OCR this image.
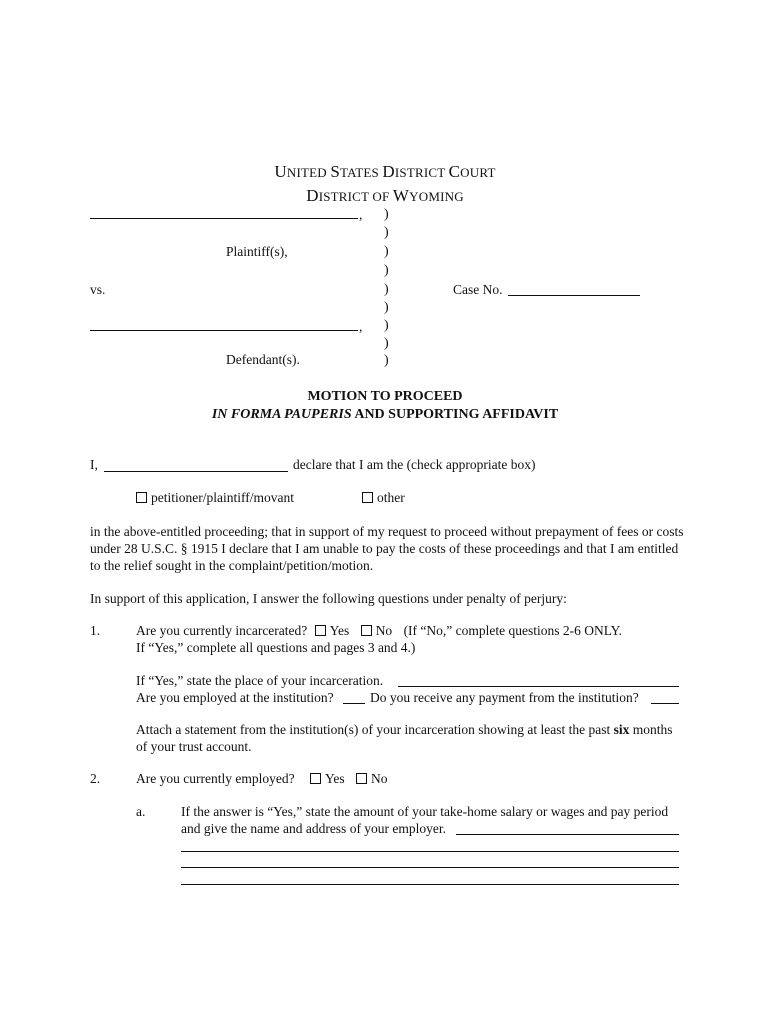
UNITED STATES DISTRICT COURT
DISTRICT OF WYOMING
,
Plaintiff(s),
vs.	Case No.
,
Defendant(s).
)
)
)
)
)
)
)
)
)
MOTION TO PROCEED
IN FORMA PAUPERIS AND SUPPORTING AFFIDAVIT
I,	declare that I am the (check appropriate box)
petitioner/plaintiff/movant	other
in the above-entitled proceeding; that in support of my request to proceed without prepayment of fees or costs
under 28 U.S.C. § 1915 I declare that I am unable to pay the costs of these proceedings and that I am entitled
to the relief sought in the complaint/petition/motion.
In support of this application, I answer the following questions under penalty of perjury:
1.	Are you currently incarcerated? Yes No (If “No,” complete questions 2-6 ONLY.
If “Yes,” complete all questions and pages 3 and 4.)
If “Yes,” state the place of your incarceration.
Are you employed at the institution?	Do you receive any payment from the institution?
Attach a statement from the institution(s) of your incarceration showing at least the past six months
of your trust account.
2.	Are you currently employed? Yes No
a.	If the answer is “Yes,” state the amount of your take-home salary or wages and pay period
and give the name and address of your employer.
